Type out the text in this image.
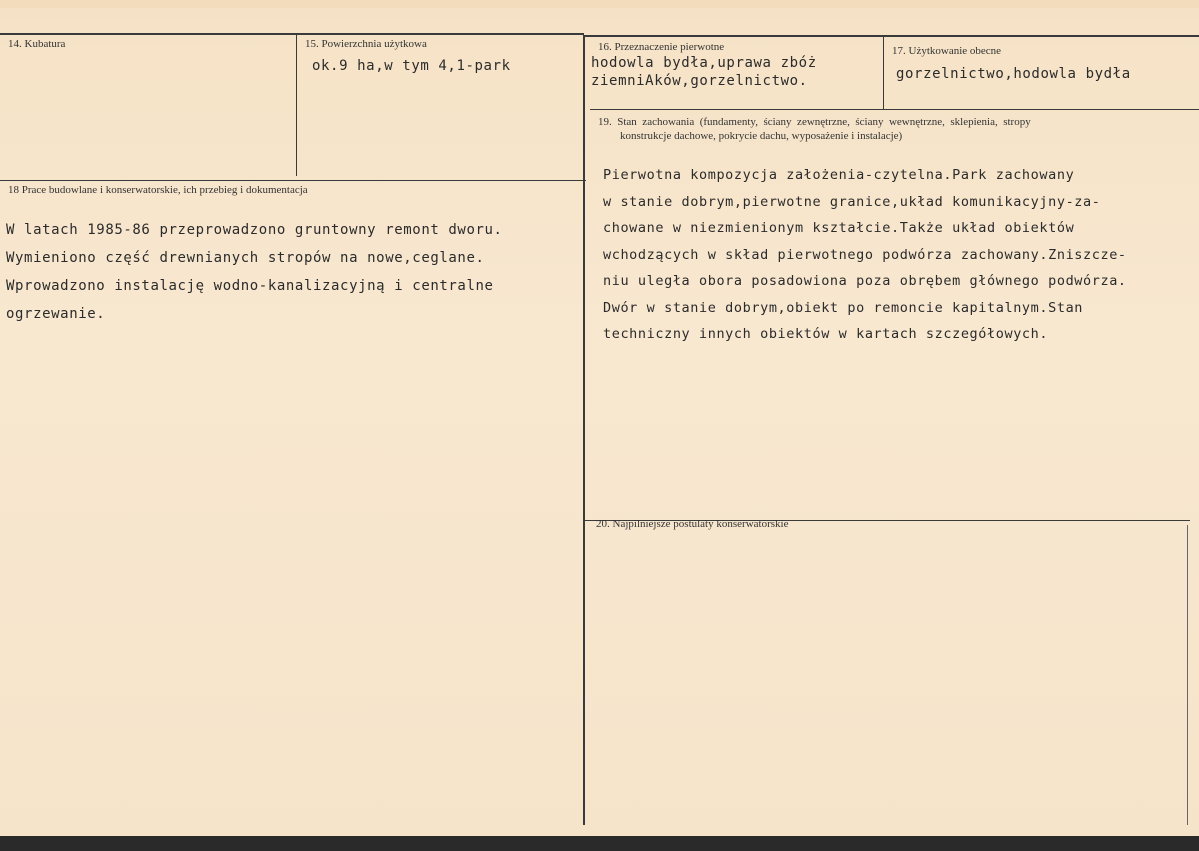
14. Kubatura	15. Powierzchnia użytkowa
ok.9 ha,w tym 4,1-park
16. Przeznaczenie pierwotne
hodowla bydła,uprawa zbóż
ziemniAków,gorzelnictwo.
17. Użytkowanie obecne
gorzelnictwo,hodowla bydła
18 Prace budowlane i konserwatorskie, ich przebieg i dokumentacja
W latach 1985-86 przeprowadzono gruntowny remont dworu.
Wymieniono część drewnianych stropów na nowe,ceglane.
Wprowadzono instalację wodno-kanalizacyjną i centralne
ogrzewanie.
19.  Stan  zachowania  (fundamenty,  ściany  zewnętrzne,  ściany  wewnętrzne,  sklepienia,  stropy
konstrukcje dachowe, pokrycie dachu, wyposażenie i instalacje)
Pierwotna kompozycja założenia-czytelna.Park zachowany
w stanie dobrym,pierwotne granice,układ komunikacyjny-za-
chowane w niezmienionym kształcie.Także układ obiektów
wchodzących w skład pierwotnego podwórza zachowany.Zniszcze-
niu uległa obora posadowiona poza obrębem głównego podwórza.
Dwór w stanie dobrym,obiekt po remoncie kapitalnym.Stan
techniczny innych obiektów w kartach szczegółowych.
20. Najpilniejsze postulaty konserwatorskie
